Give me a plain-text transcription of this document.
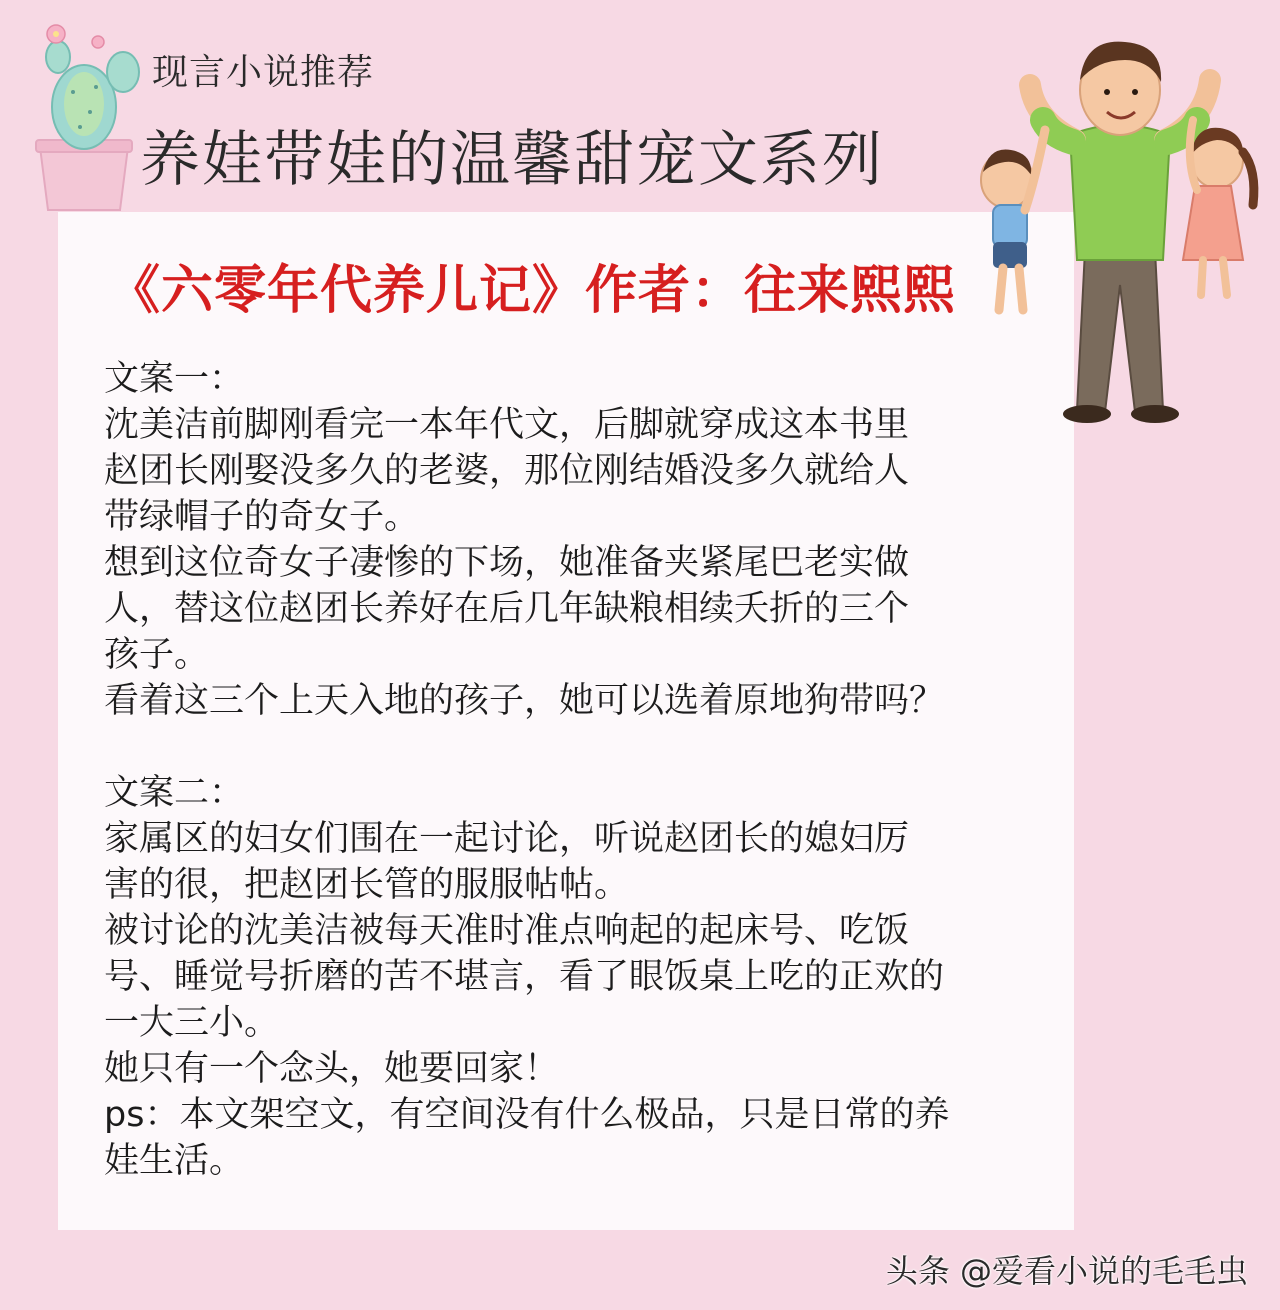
现言小说推荐
养娃带娃的温馨甜宠文系列
《六零年代养儿记》作者：往来熙熙

文案一：

沈美洁前脚刚看完一本年代文，后脚就穿成这本书里

赵团长刚娶没多久的老婆，那位刚结婚没多久就给人

带绿帽子的奇女子。

想到这位奇女子凄惨的下场，她准备夹紧尾巴老实做

人，替这位赵团长养好在后几年缺粮相续夭折的三个

孩子。

看着这三个上天入地的孩子，她可以选着原地狗带吗？

文案二：

家属区的妇女们围在一起讨论，听说赵团长的媳妇厉

害的很，把赵团长管的服服帖帖。

被讨论的沈美洁被每天准时准点响起的起床号、吃饭

号、睡觉号折磨的苦不堪言，看了眼饭桌上吃的正欢的

一大三小。

她只有一个念头，她要回家！

ps：本文架空文，有空间没有什么极品，只是日常的养

娃生活。

头条 @爱看小说的毛毛虫
